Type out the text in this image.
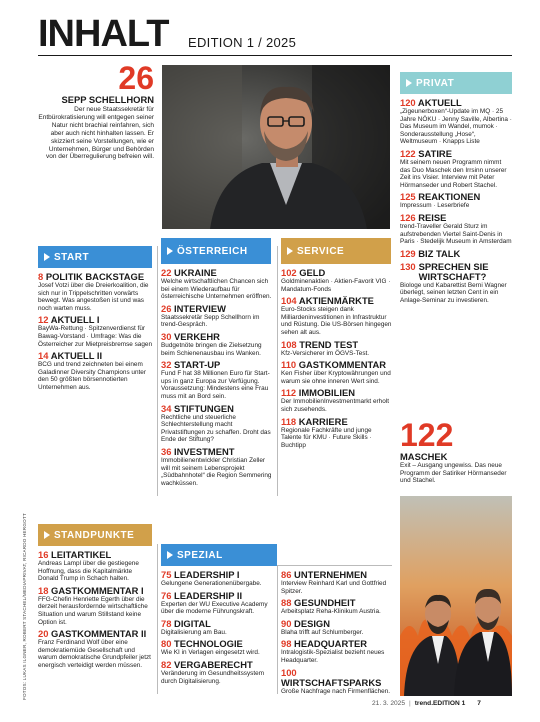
INHALT EDITION 1 / 2025
26
SEPP SCHELLHORN
Der neue Staatssekretär für Entbürokratisierung will entgegen seiner Natur nicht brachial reinfahren, sich aber auch nicht hinhalten lassen. Er skizziert seine Vorstellungen, wie er Unternehmen, Bürger und Behörden von der Überregulierung befreien will.
PRIVAT
120 AKTUELL
„Zigeunerboxen“-Update im MQ · 25 Jahre NÖKU · Jenny Saville, Albertina · Das Museum im Wandel, mumok · Sonderausstellung „Hose“, Weltmuseum · Knapps Liste
122 SATIRE
Mit seinem neuen Programm nimmt das Duo Maschek den Irrsinn unserer Zeit ins Visier. Interview mit Peter Hörmanseder und Robert Stachel.
125 REAKTIONEN
Impressum · Leserbriefe
126 REISE
trend-Traveller Gerald Sturz im aufstrebenden Viertel Saint-Denis in Paris · Stedelijk Museum in Amsterdam
129 BIZ TALK
130 SPRECHEN SIE WIRTSCHAFT?
Biologe und Kabarettist Berni Wagner überlegt, seinen letzten Cent in ein Anlage-Seminar zu investieren.
START
8 POLITIK BACKSTAGE
Josef Votzi über die Dreierkoalition, die sich nur in Trippelschritten vorwärts bewegt. Was angestoßen ist und was noch warten muss.
12 AKTUELL I
BayWa-Rettung · Spitzenverdienst für Bawag-Vorstand · Umfrage: Was die Österreicher zur Mietpreisbremse sagen
14 AKTUELL II
BCG und trend zeichneten bei einem Galadinner Diversity Champions unter den 50 größten börsennotierten Unternehmen aus.
ÖSTERREICH
22 UKRAINE
Welche wirtschaftlichen Chancen sich bei einem Wiederaufbau für österreichische Unternehmen eröffnen.
26 INTERVIEW
Staatssekretär Sepp Schellhorn im trend-Gespräch.
30 VERKEHR
Budgetnöte bringen die Zielsetzung beim Schienenausbau ins Wanken.
32 START-UP
Fund F hat 38 Millionen Euro für Start-ups in ganz Europa zur Verfügung. Voraussetzung: Mindestens eine Frau muss mit an Bord sein.
34 STIFTUNGEN
Rechtliche und steuerliche Schlechterstellung macht Privatstiftungen zu schaffen. Droht das Ende der Stiftung?
36 INVESTMENT
Immobilienentwickler Christian Zeller will mit seinem Lebensprojekt „Südbahnhotel“ die Region Semmering wachküssen.
SERVICE
102 GELD
Goldminenaktien · Aktien-Favorit VIG · Mandatum-Fonds
104 AKTIENMÄRKTE
Euro-Stocks steigen dank Milliardeninvestitionen in Infrastruktur und Rüstung. Die US-Börsen hingegen sehen alt aus.
108 TREND TEST
Kfz-Versicherer im ÖGVS-Test.
110 GASTKOMMENTAR
Ken Fisher über Kryptowährungen und warum sie ohne inneren Wert sind.
112 IMMOBILIEN
Der ImmobilienInvestmentmarkt erholt sich zusehends.
118 KARRIERE
Regionale Fachkräfte und junge Talente für KMU · Future Skills · Buchtipp	122
MASCHEK
Exit – Ausgang ungewiss. Das neue Programm der Satiriker Hörmanseder und Stachel.
STANDPUNKTE
16 LEITARTIKEL
Andreas Lampl über die gestiegene Hoffnung, dass die Kapitalmärkte Donald Trump in Schach halten.
18 GASTKOMMENTAR I
FFG-Chefin Henriette Egerth über die derzeit herausfordernde wirtschaftliche Situation und warum Stillstand keine Option ist.
20 GASTKOMMENTAR II
Franz Ferdinand Wolf über eine demokratiemüde Gesellschaft und warum demokratische Grundpfeiler jetzt energisch verteidigt werden müssen.
FOTOS: LUKAS ILGNER, ROBERT STACHEL/MEDIAPRIVAT, RICARDO HERGOTT	SPEZIAL
75 LEADERSHIP I
Gelungene Generationenübergabe.
76 LEADERSHIP II
Experten der WU Executive Academy über die moderne Führungskraft.
78 DIGITAL
Digitalisierung am Bau.
80 TECHNOLOGIE
Wie KI in Verlagen eingesetzt wird.
82 VERGABERECHT
Veränderung im Gesundheitssystem durch Digitalisierung.
86 UNTERNEHMEN
Interview Reinhard Karl und Gottfried Spitzer.
88 GESUNDHEIT
Arbeitsplatz Reha-Klinikum Austria.
90 DESIGN
Blaha trifft auf Schlumberger.
98 HEADQUARTER
Intralogistik-Spezialist bezieht neues Headquarter.
100 WIRTSCHAFTSPARKS
Große Nachfrage nach Firmenflächen.
21. 3. 2025 | trend.EDITION 1 7
